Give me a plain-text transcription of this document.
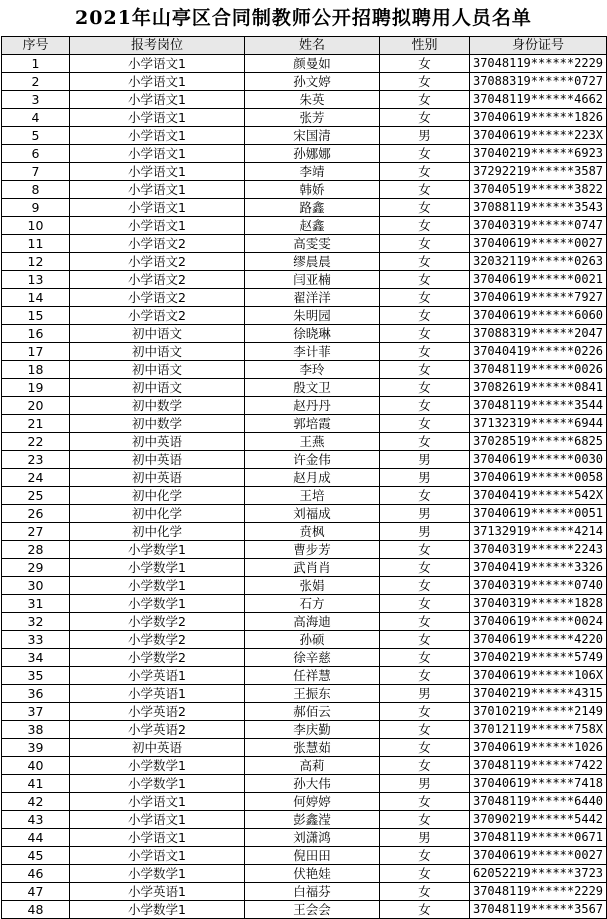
2021年山亭区合同制教师公开招聘拟聘用人员名单
序号	报考岗位	姓名	性别	身份证号
1	小学语文1	颜曼如	女	37048119******2229
2	小学语文1	孙文婷	女	37088319******0727
3	小学语文1	朱英	女	37048119******4662
4	小学语文1	张芳	女	37040619******1826
5	小学语文1	宋国清	男	37040619******223X
6	小学语文1	孙娜娜	女	37040219******6923
7	小学语文1	李靖	女	37292219******3587
8	小学语文1	韩娇	女	37040519******3822
9	小学语文1	路鑫	女	37088119******3543
10	小学语文1	赵鑫	女	37040319******0747
11	小学语文2	高雯雯	女	37040619******0027
12	小学语文2	缪晨晨	女	32032119******0263
13	小学语文2	闫亚楠	女	37040619******0021
14	小学语文2	翟洋洋	女	37040619******7927
15	小学语文2	朱明园	女	37040619******6060
16	初中语文	徐晓琳	女	37088319******2047
17	初中语文	李计菲	女	37040419******0226
18	初中语文	李玲	女	37048119******0026
19	初中语文	殷文卫	女	37082619******0841
20	初中数学	赵丹丹	女	37048119******3544
21	初中数学	郭培霞	女	37132319******6944
22	初中英语	王燕	女	37028519******6825
23	初中英语	许金伟	男	37040619******0030
24	初中英语	赵月成	男	37040619******0058
25	初中化学	王培	女	37040419******542X
26	初中化学	刘福成	男	37040619******0051
27	初中化学	贲枫	男	37132919******4214
28	小学数学1	曹步芳	女	37040319******2243
29	小学数学1	武肖肖	女	37040419******3326
30	小学数学1	张娟	女	37040319******0740
31	小学数学1	石方	女	37040319******1828
32	小学数学2	高海迪	女	37040619******0024
33	小学数学2	孙硕	女	37040619******4220
34	小学数学2	徐辛慈	女	37040219******5749
35	小学英语1	任祥慧	女	37040619******106X
36	小学英语1	王振东	男	37040219******4315
37	小学英语2	郝佰云	女	37010219******2149
38	小学英语2	李庆勤	女	37012119******758X
39	初中英语	张慧茹	女	37040619******1026
40	小学数学1	高莉	女	37048119******7422
41	小学数学1	孙大伟	男	37040619******7418
42	小学语文1	何婷婷	女	37048119******6440
43	小学语文1	彭鑫滢	女	37090219******5442
44	小学语文1	刘潇鸿	男	37048119******0671
45	小学语文1	倪田田	女	37040619******0027
46	小学数学1	伏艳娃	女	62052219******3723
47	小学英语1	白福芬	女	37048119******2229
48	小学数学1	王会会	女	37048119******3567
